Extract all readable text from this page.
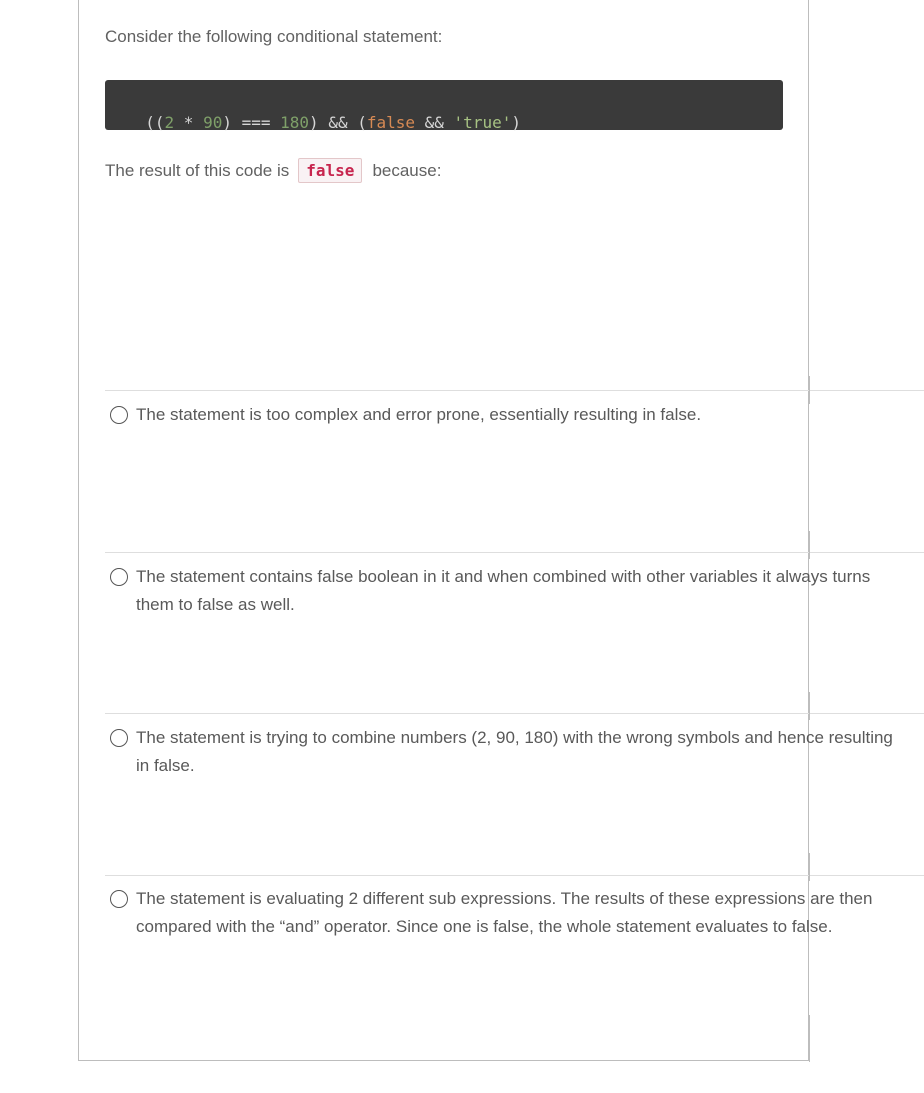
Consider the following conditional statement:

((2 * 90) === 180) && (false && 'true')

The result of this code is	false	because:
The statement is too complex and error prone, essentially resulting in false.
The statement contains false boolean in it and when combined with other variables it always turns them to false as well.
The statement is trying to combine numbers (2, 90, 180) with the wrong symbols and hence resulting in false.
The statement is evaluating 2 different sub expressions. The results of these expressions are then compared with the “and” operator. Since one is false, the whole statement evaluates to false.
